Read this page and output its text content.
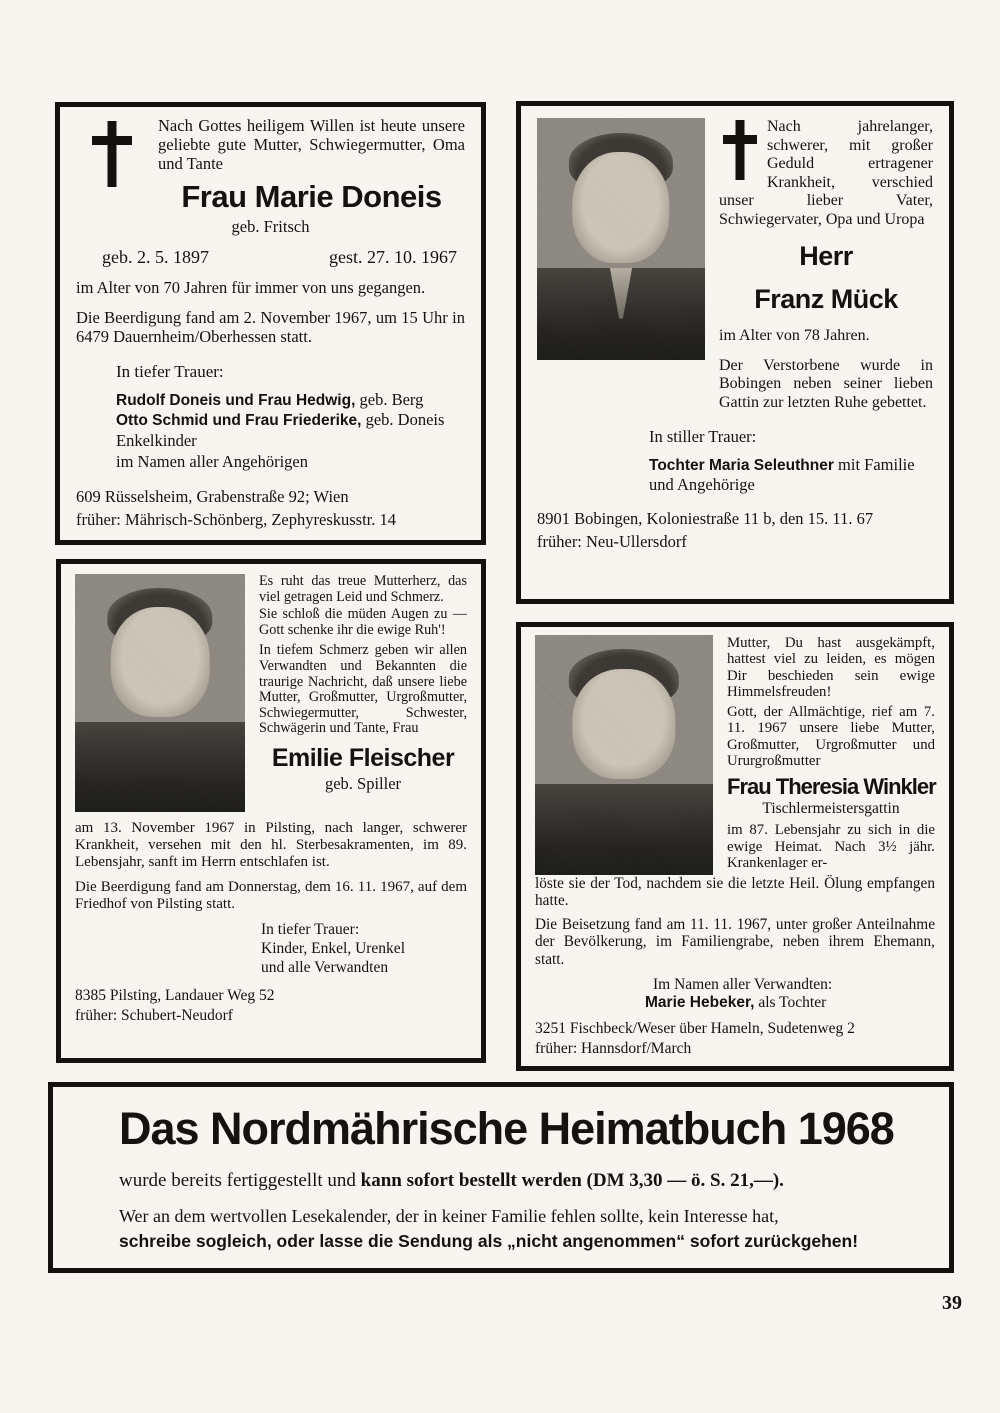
Nach Gottes heiligem Willen ist heute unsere geliebte gute Mutter, Schwiegermutter, Oma und Tante

Frau Marie Doneis

geb. Fritsch

geb. 2. 5. 1897	gest. 27. 10. 1967

im Alter von 70 Jahren für immer von uns gegangen.

Die Beerdigung fand am 2. November 1967, um 15 Uhr in 6479 Dauernheim/Oberhessen statt.

In tiefer Trauer:

Rudolf Doneis und Frau Hedwig, geb. Berg
Otto Schmid und Frau Friederike, geb. Doneis
Enkelkinder
im Namen aller Angehörigen
609 Rüsselsheim, Grabenstraße 92; Wien
früher: Mährisch-Schönberg, Zephyreskusstr. 14

Nach jahrelanger, schwerer, mit großer Geduld ertragener Krankheit, verschied unser lieber Vater, Schwiegervater, Opa und Uropa

Herr
Franz Mück

im Alter von 78 Jahren.

Der Verstorbene wurde in Bobingen neben seiner lieben Gattin zur letzten Ruhe gebettet.

In stiller Trauer:

Tochter Maria Seleuthner mit Familie und Angehörige
8901 Bobingen, Koloniestraße 11 b, den 15. 11. 67
früher: Neu-Ullersdorf

Es ruht das treue Mutterherz, das viel getragen Leid und Schmerz.

Sie schloß die müden Augen zu — Gott schenke ihr die ewige Ruh'!

In tiefem Schmerz geben wir allen Verwandten und Bekannten die traurige Nachricht, daß unsere liebe Mutter, Großmutter, Urgroßmutter, Schwiegermutter, Schwester, Schwägerin und Tante, Frau

Emilie Fleischer

geb. Spiller

am 13. November 1967 in Pilsting, nach langer, schwerer Krankheit, versehen mit den hl. Sterbesakramenten, im 89. Lebensjahr, sanft im Herrn entschlafen ist.

Die Beerdigung fand am Donnerstag, dem 16. 11. 1967, auf dem Friedhof von Pilsting statt.

In tiefer Trauer:
Kinder, Enkel, Urenkel
und alle Verwandten
8385 Pilsting, Landauer Weg 52
früher: Schubert-Neudorf

Mutter, Du hast ausgekämpft, hattest viel zu leiden, es mögen Dir beschieden sein ewige Himmelsfreuden!

Gott, der Allmächtige, rief am 7. 11. 1967 unsere liebe Mutter, Großmutter, Urgroßmutter und Ururgroßmutter

Frau Theresia Winkler

Tischlermeistersgattin

im 87. Lebensjahr zu sich in die ewige Heimat. Nach 3½ jähr. Krankenlager er-

löste sie der Tod, nachdem sie die letzte Heil. Ölung empfangen hatte.

Die Beisetzung fand am 11. 11. 1967, unter großer Anteilnahme der Bevölkerung, im Familiengrabe, neben ihrem Ehemann, statt.

Im Namen aller Verwandten:

Marie Hebeker, als Tochter
3251 Fischbeck/Weser über Hameln, Sudetenweg 2
früher: Hannsdorf/March
Das Nordmährische Heimatbuch 1968

wurde bereits fertiggestellt und kann sofort bestellt werden (DM 3,30 — ö. S. 21,—).

Wer an dem wertvollen Lesekalender, der in keiner Familie fehlen sollte, kein Interesse hat,

schreibe sogleich, oder lasse die Sendung als „nicht angenommen“ sofort zurückgehen!

39
